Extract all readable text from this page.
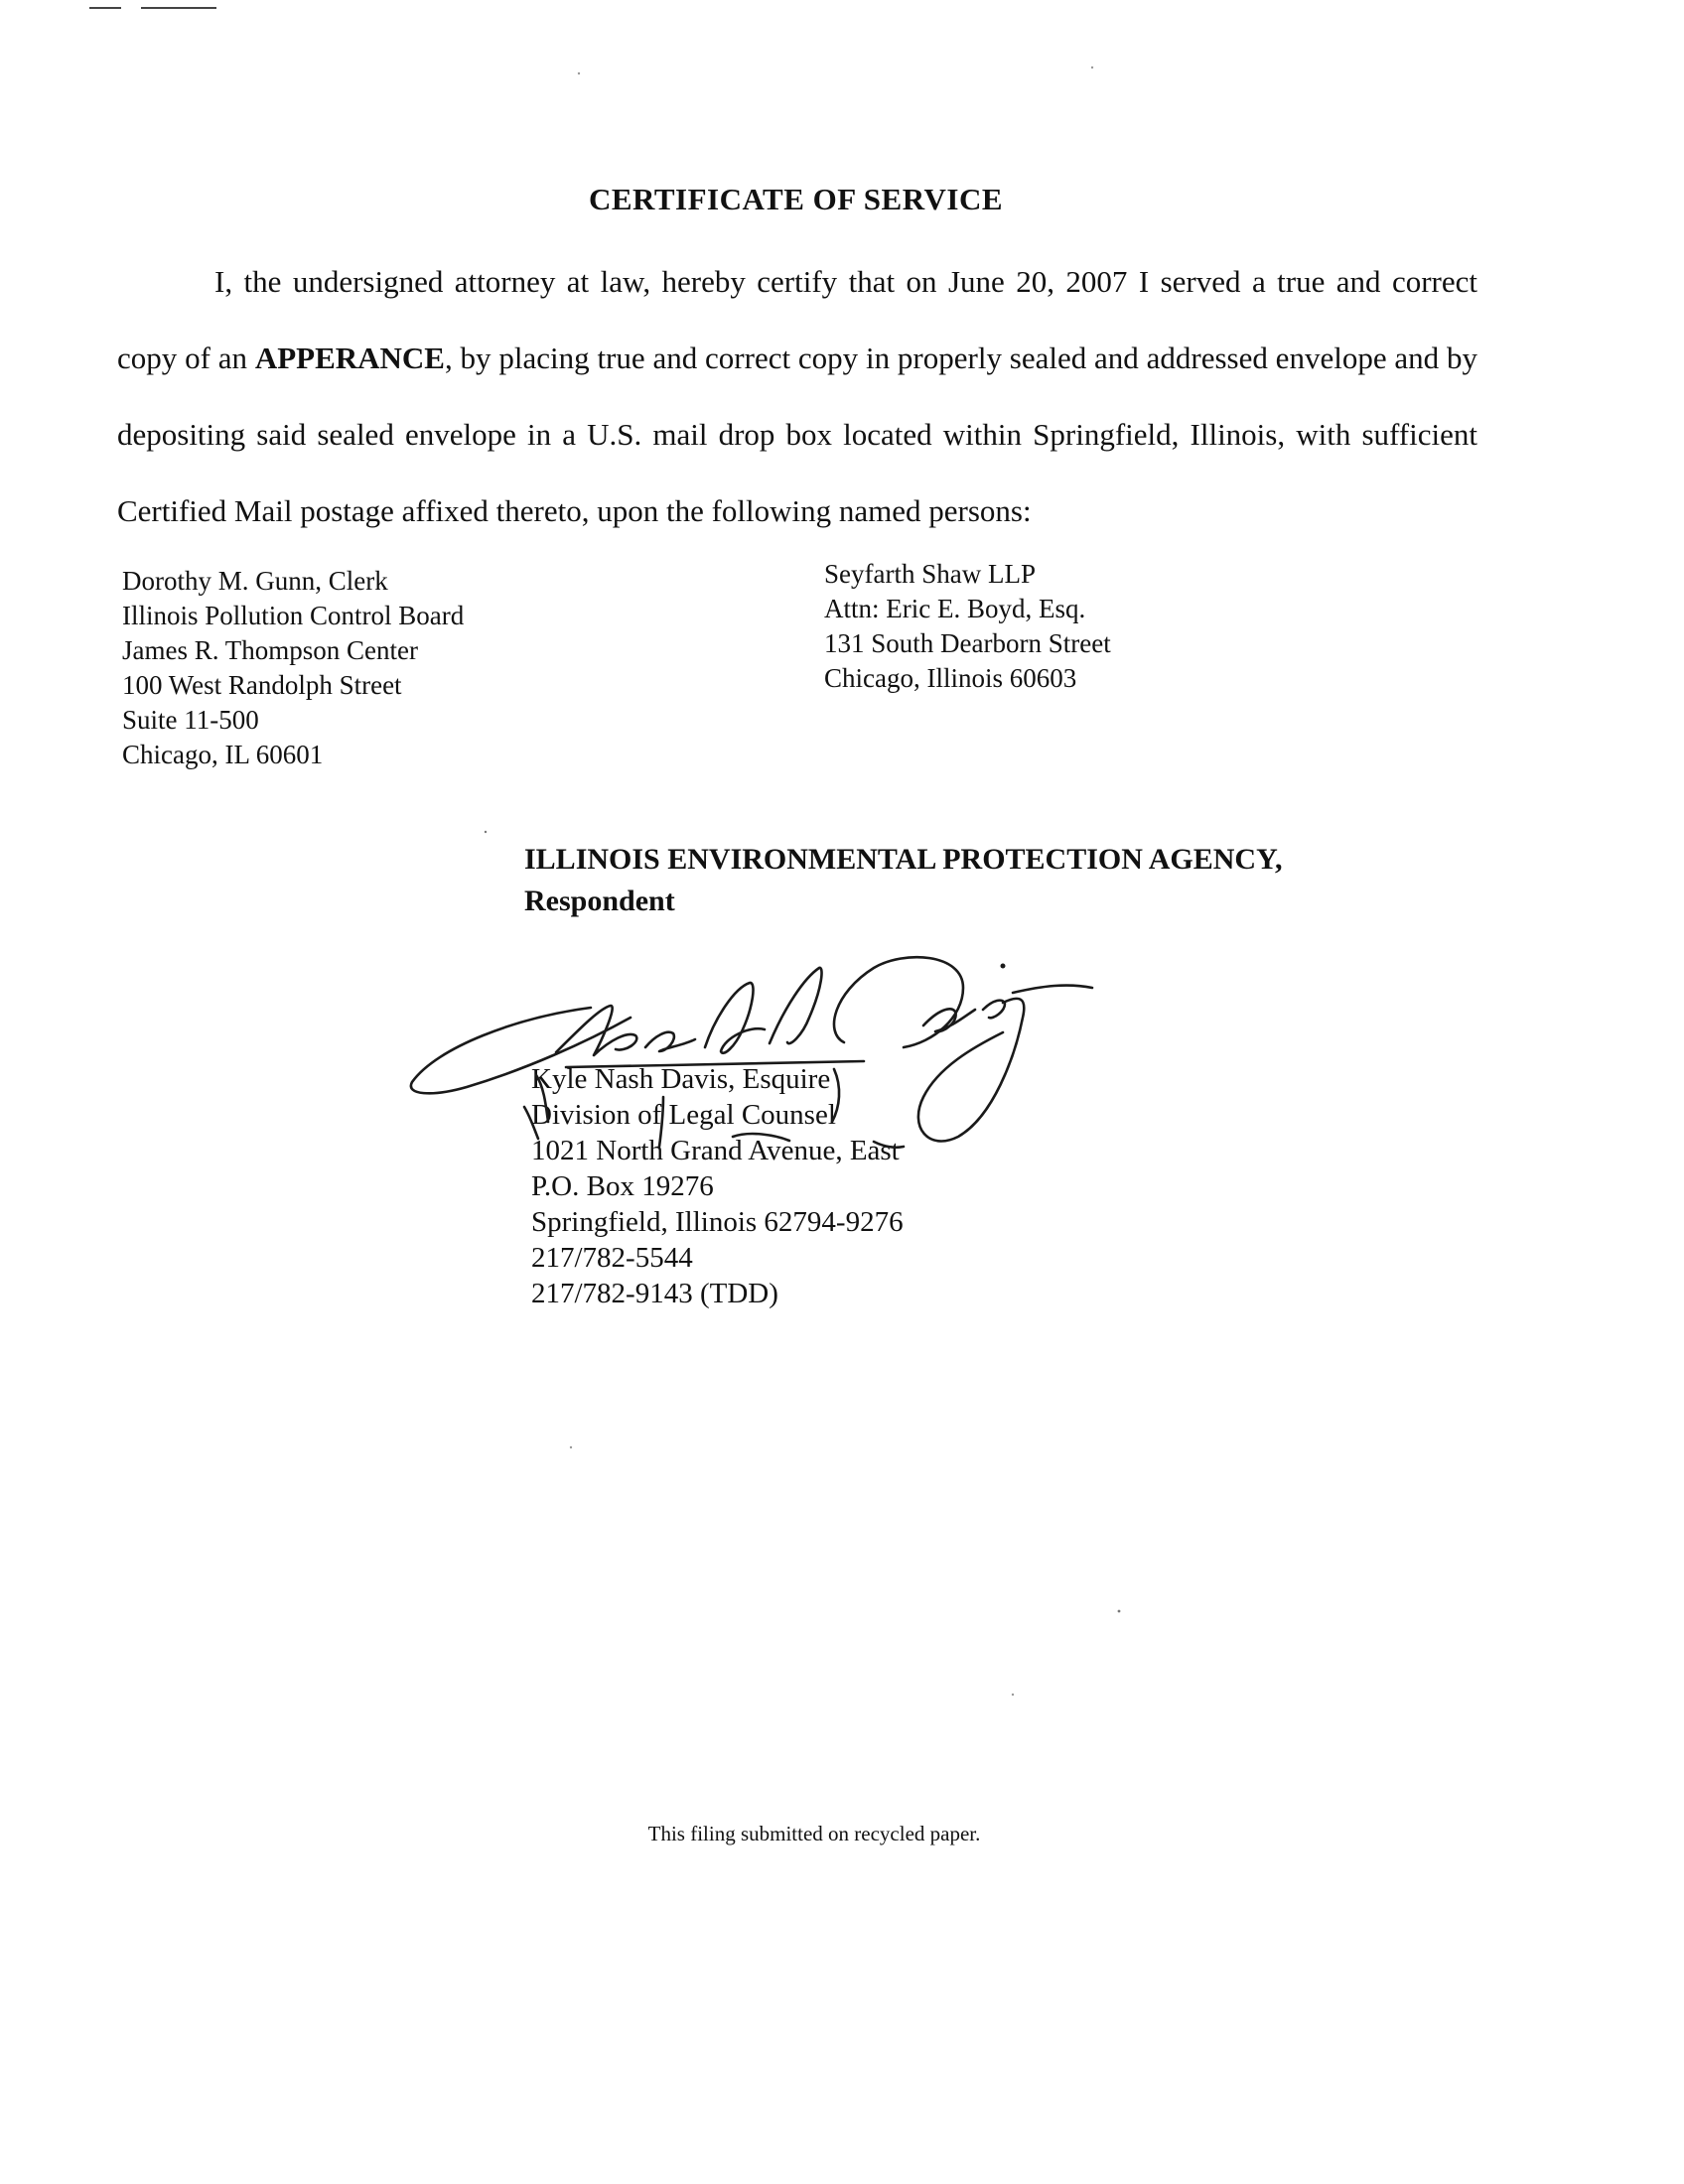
CERTIFICATE OF SERVICE
I, the undersigned attorney at law, hereby certify that on June 20, 2007 I served a true and correct copy of an APPERANCE, by placing true and correct copy in properly sealed and addressed envelope and by depositing said sealed envelope in a U.S. mail drop box located within Springfield, Illinois, with sufficient Certified Mail postage affixed thereto, upon the following named persons:
Dorothy M. Gunn, Clerk
Illinois Pollution Control Board
James R. Thompson Center
100 West Randolph Street
Suite 11-500
Chicago, IL 60601
Seyfarth Shaw LLP
Attn: Eric E. Boyd, Esq.
131 South Dearborn Street
Chicago, Illinois 60603
ILLINOIS ENVIRONMENTAL PROTECTION AGENCY,
Respondent
Kyle Nash Davis, Esquire
Division of Legal Counsel
1021 North Grand Avenue, East
P.O. Box 19276
Springfield, Illinois 62794-9276
217/782-5544
217/782-9143 (TDD)
This filing submitted on recycled paper.
